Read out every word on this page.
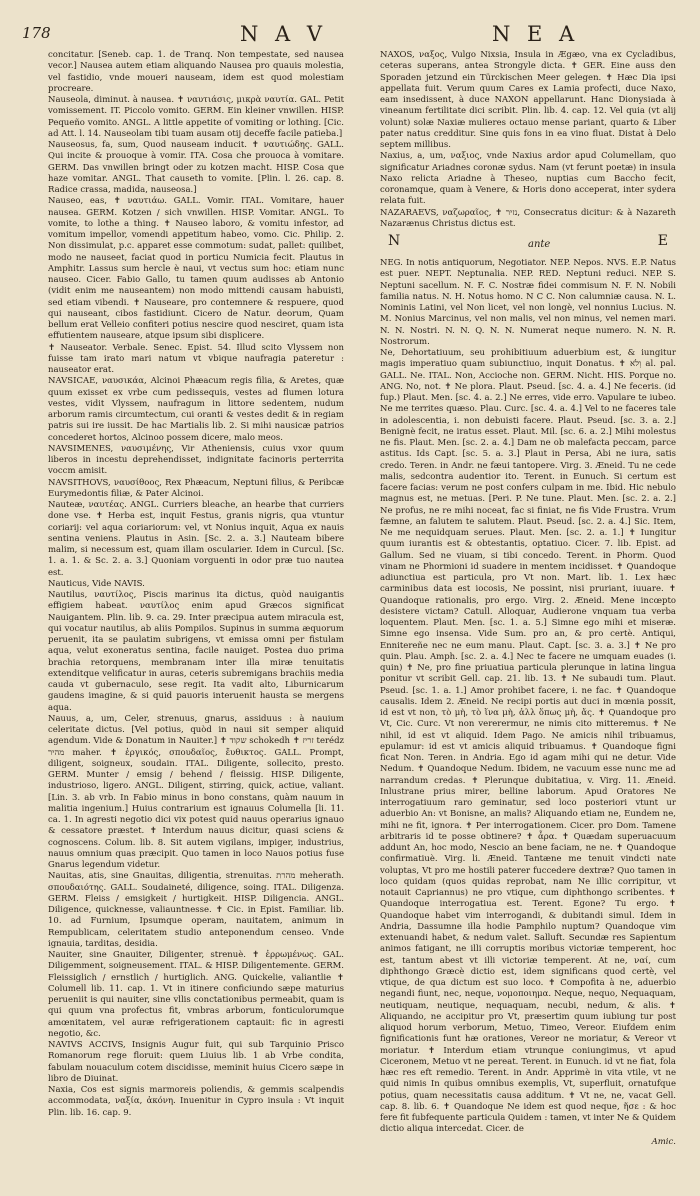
178	N A V	N E A

concitatur. [Seneb. cap. 1. de Tranq. Non tempestate, sed nausea vecor.] Nausea autem etiam aliquando Nausea pro quauis molestia, vel fastidio, vnde moueri nauseam, idem est quod molestiam procreare.

Nauseola, diminut. à nausea. ✝ ναυτιάσις, μικρὰ ναυτία. GAL. Petit vomissement. IT. Piccolo vomito. GERM. Ein kleiner vnwillen. HISP. Pequeño vomito. ANGL. A little appetite of vomiting or lothing. [Cic. ad Att. l. 14. Nauseolam tibi tuam ausam otij deceffe facile patieba.]

Nauseosus, fa, sum, Quod nauseam inducit. ✝ ναυτιώδης. GALL. Qui incite & prouoque à vomir. ITA. Cosa che prouoca à vomitare. GERM. Das vnwillen bringt oder zu kotzen macht. HISP. Cosa que haze vomitar. ANGL. That causeth to vomite. [Plin. l. 26. cap. 8. Radice crassa, madida, nauseosa.]

Nauseo, eas, ✝ ναυτιάω. GALL. Vomir. ITAL. Vomitare, hauer nausea. GERM. Kotzen / sich vnwillen. HISP. Vomitar. ANGL. To vomite, to lothe a thing. ✝ Nauseo laboro, & vomitu infestor, ad vomitum impellor, vomendi appetitum habeo, vomo. Cic. Philip. 2. Non dissimulat, p.c. apparet esse commotum: sudat, pallet: quilibet, modo ne nauseet, faciat quod in porticu Numicia fecit. Plautus in Amphitr. Lassus sum hercle è naui, vt vectus sum hoc: etiam nunc nauseo. Cicer. Fabio Gallo, tu tamen quum audisses ab Antonio (vidit enim me nauseantem) non modo mittendi causam habuisti, sed etiam vibendi. ✝ Nauseare, pro contemnere & respuere, quod qui nauseant, cibos fastidiunt. Cicero de Natur. deorum, Quam bellum erat Velleio confiteri potius nescire quod nesciret, quam ista effutientem nauseare, atque ipsum sibi displicere.

✝ Nauseator. Verbale. Senec. Epist. 54. Illud scito Vlyssem non fuisse tam irato mari natum vt vbique naufragia pateretur : nauseator erat.

NAVSICAE, ναυσικάα, Alcinoi Phæacum regis filia, & Aretes, quæ quum exisset ex vrbe cum pedissequis, vestes ad flumen lotura vestes, vidit Vlyssem, naufragum in littore sedentem, nudum arborum ramis circumtectum, cui oranti & vestes dedit & in regiam patris sui ire iussit. De hac Martialis lib. 2. Si mihi nausicæ patrios concederet hortos, Alcinoo possem dicere, malo meos.

NAVSIMENES, ναυσιμένης, Vir Atheniensis, cuius vxor quum liberos in incestu deprehendisset, indignitate facinoris perterrita voccm amisit.

NAVSITHOVS, ναυσίθοος, Rex Phæacum, Neptuni filius, & Peribcæ Eurymedontis filiæ, & Pater Alcinoi.

Nauteæ, ναυτέας. ANGL. Curriers bleache, an hearbe that curriers done vse. ✝ Herba est, inquit Festus, granis nigris, qua vtuntur coriarij: vel aqua coriariorum: vel, vt Nonius inquit, Aqua ex nauis sentina veniens. Plautus in Asin. [Sc. 2. a. 3.] Nauteam bibere malim, si necessum est, quam illam oscularier. Idem in Curcul. [Sc. 1. a. 1. & Sc. 2. a. 3.] Quoniam vorguenti in odor præ tuo nautea est.

Nauticus, Vide NAVIS.

Nautilus, ναυτίλος, Piscis marinus ita dictus, quòd nauigantis effigiem habeat. ναυτίλος enim apud Græcos significat Nauigantem. Plin. lib. 9. ca. 29. Inter præcipua autem miracula est, qui vocatur nautilus, ab aliis Pompilos. Supinus in summa æquorum peruenit, ita se paulatim subrigens, vt emissa omni per fistulam aqua, velut exoneratus sentina, facile nauiget. Postea duo prima brachia retorquens, membranam inter illa miræ tenuitatis extenditque velificatur in auras, ceteris subremigans brachiis media cauda vt gubernaculo, sese regit. Ita vadit alto, Liburnicarum gaudens imagine, & si quid pauoris interuenit hausta se mergens aqua.

Nauus, a, um, Celer, strenuus, gnarus, assiduus : à nauium celeritate dictus. [Vel potius, quòd in naui sit semper aliquid agendum. Vide & Donatum in Nauiter.] ✝ שקוד schokedh ✝ זריז terédz מהיר maher. ✝ ἐργικός, σπουδαῖος, ἔυθικτος. GALL. Prompt, diligent, soigneux, soudain. ITAL. Diligente, sollecito, presto. GERM. Munter / emsig / behend / fleissig. HISP. Diligente, industrioso, ligero. ANGL. Diligent, stirring, quick, actiue, valiant. [Lin. 3. ab vrb. In Fabio minus in bono constans, quàm nauum in malitia ingenium.] Huius contrarium est ignauus Columella [li. 11. ca. 1. In agresti negotio dici vix potest quid nauus operarius ignauo & cessatore præstet. ✝ Interdum nauus dicitur, quasi sciens & cognoscens. Colum. lib. 8. Sit autem vigilans, impiger, industrius, nauus omnium quas præcipit. Quo tamen in loco Nauos potius fuse Gnarus legendum videtur.

Nauitas, atis, sine Gnauitas, diligentia, strenuitas. מהרת meherath. σπουδαιότης. GALL. Soudaineté, diligence, soing. ITAL. Diligenza. GERM. Fleiss / emsigkeit / hurtigkeit. HISP. Diligencia. ANGL. Diligence, quicknesse, valiauntnesse. ✝ Cic. in Epist. Familiar. lib. 10. ad Furnium, Ipsumque operam, nauitatem, animum in Rempublicam, celeritatem studio anteponendum censeo. Vnde ignauia, tarditas, desidia.

Nauiter, sine Gnauiter, Diligenter, strenuè. ✝ ἐρρωμένως. GAL. Diligemment, soigneusement. ITAL. & HISP. Diligentemente. GERM. Fleissiglich / ernstlich / hurtiglich. ANG. Quickelie, valiantlie ✝ Columell lib. 11. cap. 1. Vt in itinere conficiundo sæpe maturius perueniit is qui nauiter, sine vllis conctationibus permeabit, quam is qui quum vna profectus fit, vmbras arborum, fonticulorumque amœnitatem, vel auræ refrigerationem captauit: fic in agresti negotio, &c.

NAVIVS ACCIVS, Insignis Augur fuit, qui sub Tarquinio Prisco Romanorum rege floruit: quem Liuius lib. 1 ab Vrbe condita, fabulam nouaculum cotem discidisse, meminit huius Cicero sæpe in libro de Diuinat.

Naxia, Cos est signis marmoreis poliendis, & gemmis scalpendis accommodata, ναξία, ἀκόνη. Inuenitur in Cypro insula : Vt inquit Plin. lib. 16. cap. 9.

NAXOS, ναξος, Vulgo Nixsia, Insula in Ægæo, vna ex Cycladibus, ceteras superans, antea Strongyle dicta. ✝ GER. Eine auss den Sporaden jetzund ein Türckischen Meer gelegen. ✝ Hæc Dia ipsi appellata fuit. Verum quum Cares ex Lamia profecti, duce Naxo, eam insedissent, à duce NAXON appellarunt. Hanc Dionysiada à vineanum fertilitate dici scribit. Plin. lib. 4. cap. 12. Vel quia (vt alij volunt) solæ Naxiæ mulieres octauo mense pariant, quarto & Liber pater natus credditur. Sine quis fons in ea vino fluat. Distat à Delo septem millibus.

Naxius, a, um, ναξιος, vnde Naxius ardor apud Columellam, quo significatur Ariadnes coronæ sydus. Nam (vt ferunt poetæ) in insula Naxo relicta Ariadne à Theseo, nuptias cum Baccho fecit, coronamque, quam à Venere, & Horis dono acceperat, inter sydera relata fuit.

NAZARAEVS, ναζωραῖος, ✝ נזיר, Consecratus dicitur: & à Nazareth Nazarænus Christus dictus est.

N	ante	E

NEG. In notis antiquorum, Negotiator. NEP. Nepos. NVS. E.P. Natus est puer. NEPT. Neptunalia. NEP. RED. Neptuni reduci. NEP. S. Neptuni sacellum. N. F. C. Nostræ fidei commisum N. F. N. Nobili familia natus. N. H. Notus homo. N C C. Non calumniæ causa. N. L. Nominis Latini, vel Non licet, vel non longè, vel nonnius Lucius. N. M. Nonius Marcinus, vel non malis, vel non minus, vel nemen mari. N. N. Nostri. N. N. Q. N. N. Numerat neque numero. N. N. R. Nostrorum.

Ne, Dehortatiuum, seu prohibitiuum aduerbium est, & iungitur magis imperatiuo quam subiunctiuo, inquit Donatus. ✝ וְלֹא al. pal. GALL. Ne. ITAL. Non, Accioche non. GERM. Nicht. HIS. Porque no. ANG. No, not. ✝ Ne plora. Plaut. Pseud. [sc. 4. a. 4.] Ne feceris. (id fup.) Plaut. Men. [sc. 4. a. 2.] Ne erres, vide erro. Vapulare te iubeo. Ne me territes quæso. Plau. Curc. [sc. 4. a. 4.] Vel to ne faceres tale in adolescentia, i. non debuisti facere. Plaut. Pseud. [sc. 3. a. 2.] Benignè fecit, ne iratus esset. Plaut. Mil. [sc. 6. a. 2.] Mihi molestus ne fis. Plaut. Men. [sc. 2. a. 4.] Dam ne ob malefacta peccam, parce astitus. Ids Capt. [sc. 5. a. 3.] Plaut in Persa, Abi ne iura, satis credo. Teren. in Andr. ne fæui tantopere. Virg. 3. Æneid. Tu ne cede malis, sedcontra audentior ito. Terent. in Eunuch. Si certum est facere facias: verum ne post confers culpam in me. Ibid. Hic nebulo magnus est, ne metuas. [Peri. P. Ne tune. Plaut. Men. [sc. 2. a. 2.] Ne profus, ne re mihi noceat, fac si finiat, ne fis Vide Frustra. Vrum fæmne, an falutem te salutem. Plaut. Pseud. [sc. 2. a. 4.] Sic. Item, Ne me nequidquam serues. Plaut. Men. [sc. 2. a. 1.] ✝ Iungitur quum iurantis est & obtestantis, optatiuo. Cicer. 7. lib. Epist. ad Gallum. Sed ne viuam, si tibi concedo. Terent. in Phorm. Quod vinam ne Phormioni id suadere in mentem incidisset. ✝ Quandoque adiunctiua est particula, pro Vt non. Mart. lib. 1. Lex hæc carminibus data est iocosis, Ne possint, nisi pruriant, iuuare. ✝ Quandoque rationalis, pro ergo. Virg. 2. Æneid. Mene incœpto desistere victam? Catull. Alloquar, Audierone vnquam tua verba loquentem. Plaut. Men. [sc. 1. a. 5.] Simne ego mihi et miseræ. Simne ego insensa. Vide Sum. pro an, & pro certè. Antiqui, Ennitereñe nec ne eum manu. Plaut. Capt. [sc. 3. a. 3.] ✝ Ne pro quin. Plau. Amph. [sc. 2. a. 4.] Nec te facere ne umquam euades (i. quin) ✝ Ne, pro fine priuatiua particula plerunque in latina lingua ponitur vt scribit Gell. cap. 21. lib. 13. ✝ Ne subaudi tum. Plaut. Pseud. [sc. 1. a. 1.] Amor prohibet facere, i. ne fac. ✝ Quandoque causalis. Idem 2. Æneid. Ne recipi portis aut duci in mœnia possit, id est vt non, τὸ μὴ, τὸ ἵνα μὴ, ἀλλ ὅπως μὴ, ἄς. ✝ Quandoque pro Vt, Cic. Curc. Vt non vererermur, ne nimis cito mitteremus. ✝ Ne nihil, id est vt aliquid. Idem Pago. Ne amicis nihil tribuamus, epulamur: id est vt amicis aliquid tribuamus. ✝ Quandoque figni ficat Non. Teren. in Andria. Ego id agam mihi qui ne detur. Vide Nedum. ✝ Quandoque Nedum. Ibidem, ne vacuum esse nunc me ad narrandum credas. ✝ Plerunque dubitatiua, v. Virg. 11. Æneid. Inlustrane prius mirer, belline laborum. Apud Oratores Ne interrogatiuum raro geminatur, sed loco posteriori vtunt ur aduerbio An: vt Bonisne, an malis? Aliquando etiam ne, Eundem ne, mihi ne fit, ignora. ✝ Per interrogationem. Cicer. pro Dom. Tamene arbitraris id te posse obtinere? ✝ ἆρα. ✝ Quædam superuacuum addunt An, hoc modo, Nescio an bene faciam, ne ne. ✝ Quandoque confirmatiuè. Virg. li. Æneid. Tantæne me tenuit vindcti nate voluptas, Vt pro me hostili paterer fuccedere dextræ? Quo tamen in loco quidam (quos quidas reprobat, nam Ne illic corripitur, vt notauit Capriannus) ne pro vtique, cum diphthongo scribentes. ✝ Quandoque interrogatiua est. Terent. Egone? Tu ergo. ✝ Quandoque habet vim interrogandi, & dubitandi simul. Idem in Andria, Dassumne illa hodie Pamphilo nuptum? Quandoque vim extenuandi habet, & nedum valet. Salluft. Secundæ res Sapientum animos fatigant, ne illi corruptis moribus victoriæ temperent, hoc est, tantum abest vt illi victoriæ temperent. At ne, ναί, cum diphthongo Græcè dictio est, idem significans quod certè, vel vtique, de qua dictum est suo loco. ✝ Compofita à ne, aduerbio negandi fiunt, nec, neque, νομοποιημα. Neque, nequo, Nequaquam, neutiquam, neutique, nequaquam, necubi, nedum, & alis. ✝ Aliquando, ne accipitur pro Vt, præsertim quum iubiung tur post aliquod horum verborum, Metuo, Timeo, Vereor. Eiufdem enim fignificationis funt hæ orationes, Vereor ne moriatur, & Vereor vt moriatur. ✝ Interdum etiam vtrunque coniungimus, vt apud Ciceronem, Metuo vt ne pereat. Terent. in Eunuch. id vt ne fiat, fola hæc res eft remedio. Terent. in Andr. Apprimè in vita vtile, vt ne quid nimis In quibus omnibus exemplis, Vt, superfluit, ornatufque potius, quam necessitatis causa additum. ✝ Vt ne, ne, vacat Gell. cap. 8. lib. 6. ✝ Quandoque Ne idem est quod neque, ἥσε : & hoc fere fit fubfequente particula Quidem : tamen, vt inter Ne & Quidem dictio aliqua intercedat. Cicer. de

Amic.
